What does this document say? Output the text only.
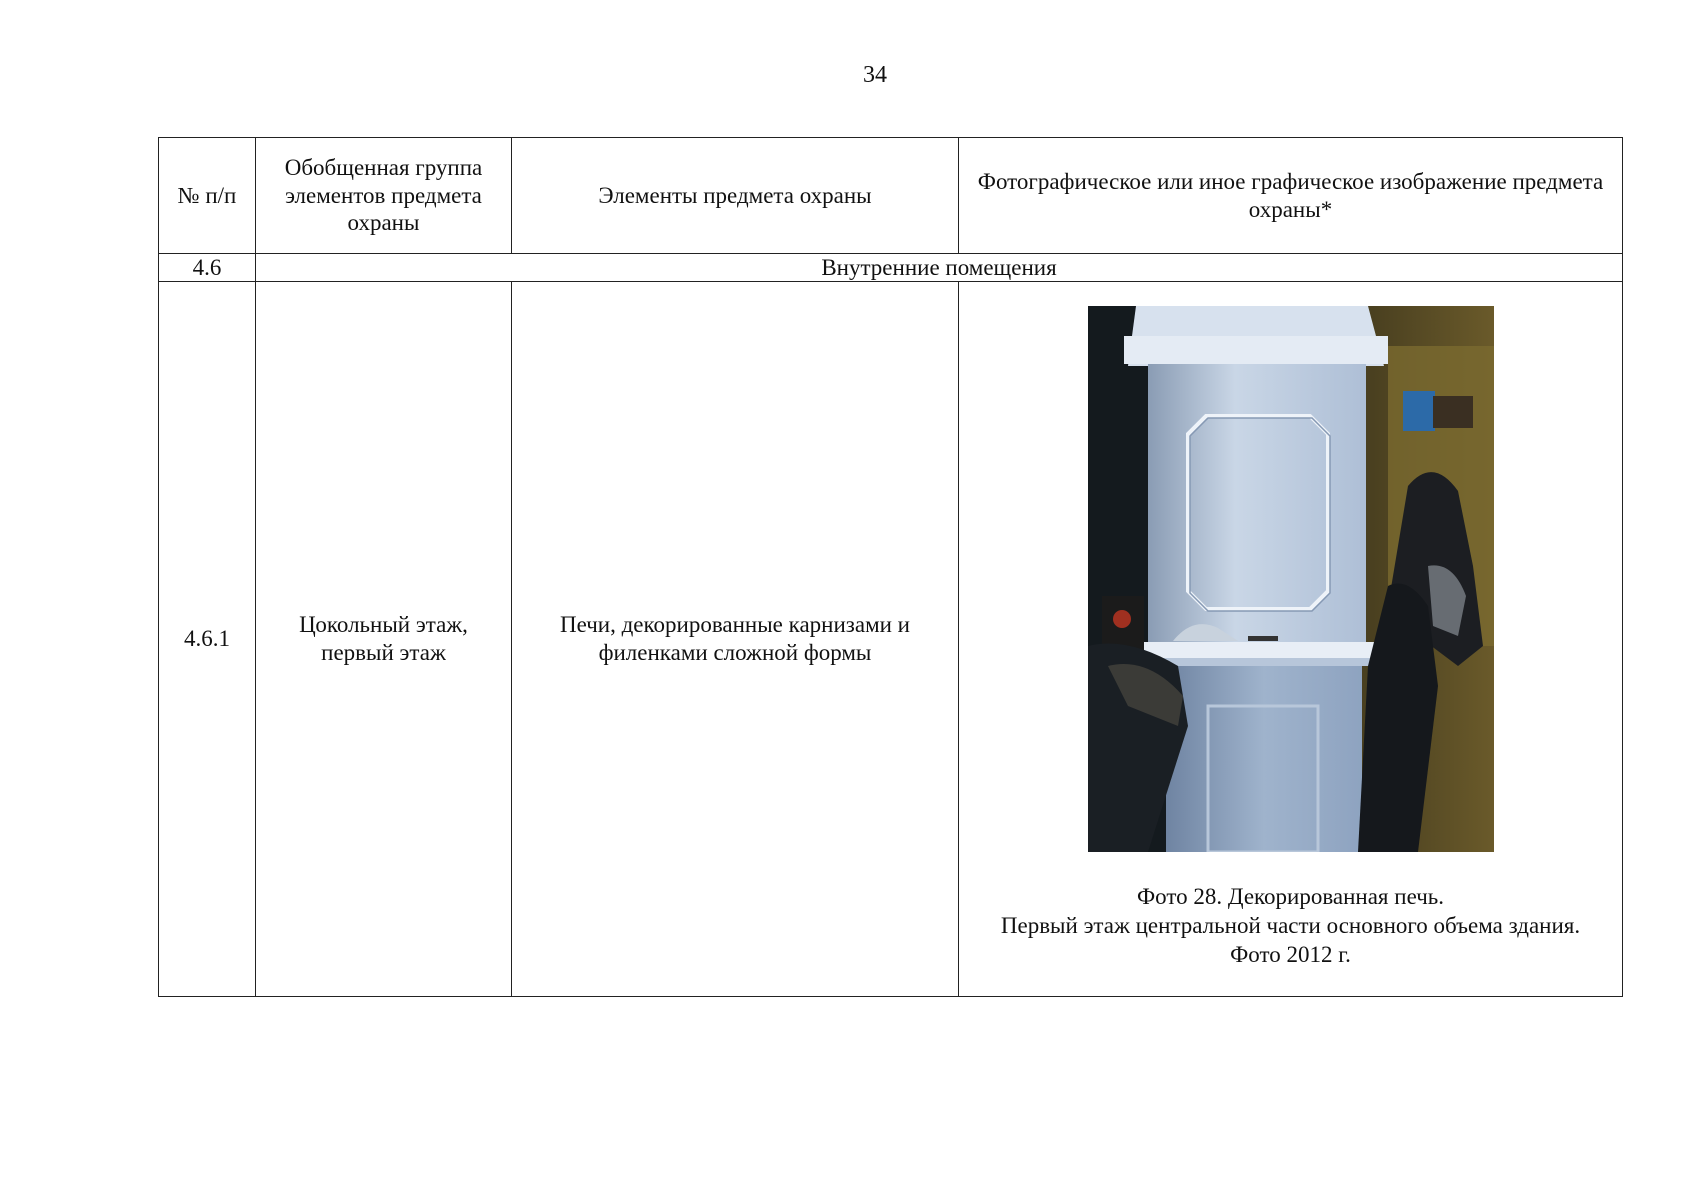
34
№ п/п	Обобщенная группа элементов предмета охраны	Элементы предмета охраны	Фотографическое или иное графическое изображение предмета охраны*
4.6	Внутренние помещения		
4.6.1	Цокольный этаж, первый этаж	Печи, декорированные карнизами и филенками сложной формы	Фото 28. Декорированная печь.
Первый этаж центральной части основного объема здания.
Фото 2012 г.
